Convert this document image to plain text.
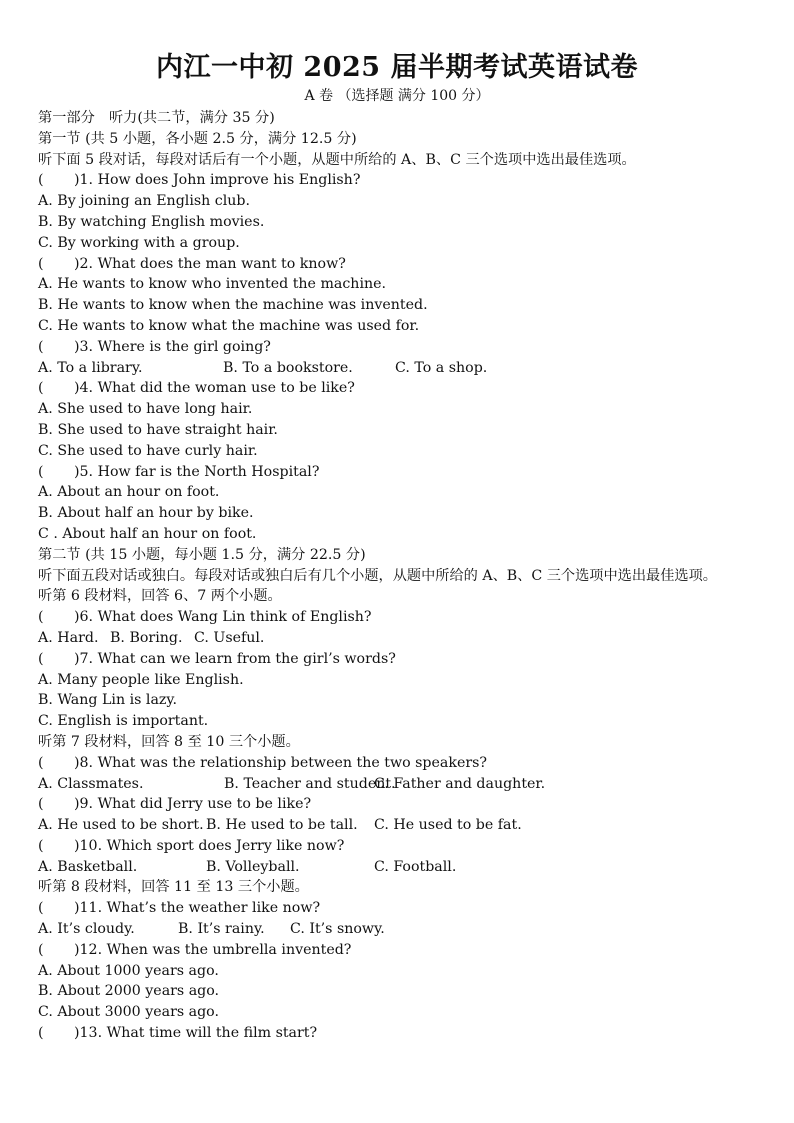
内江一中初 2025 届半期考试英语试卷

A 卷 （选择题 满分 100 分）

第一部分　听力(共二节，满分 35 分)

第一节 (共 5 小题，各小题 2.5 分，满分 12.5 分)

听下面 5 段对话，每段对话后有一个小题，从题中所给的 A、B、C 三个选项中选出最佳选项。

( )1. How does John improve his English?

A. By joining an English club.

B. By watching English movies.

C. By working with a group.

( )2. What does the man want to know?

A. He wants to know who invented the machine.

B. He wants to know when the machine was invented.

C. He wants to know what the machine was used for.

( )3. Where is the girl going?

A. To a library.	B. To a bookstore.	C. To a shop.

( )4. What did the woman use to be like?

A. She used to have long hair.

B. She used to have straight hair.

C. She used to have curly hair.

( )5. How far is the North Hospital?

A. About an hour on foot.

B. About half an hour by bike.

C . About half an hour on foot.

第二节 (共 15 小题，每小题 1.5 分，满分 22.5 分)

听下面五段对话或独白。每段对话或独白后有几个小题，从题中所给的 A、B、C 三个选项中选出最佳选项。

听第 6 段材料，回答 6、7 两个小题。

( )6. What does Wang Lin think of English?

A. Hard. B. Boring. C. Useful.

( )7. What can we learn from the girl’s words?

A. Many people like English.

B. Wang Lin is lazy.

C. English is important.

听第 7 段材料，回答 8 至 10 三个小题。

( )8. What was the relationship between the two speakers?

A. Classmates.	B. Teacher and student.C. Father and daughter.

( )9. What did Jerry use to be like?

A. He used to be short. B. He used to be tall. C. He used to be fat.

( )10. Which sport does Jerry like now?

A. Basketball.	B. Volleyball.	C. Football.

听第 8 段材料，回答 11 至 13 三个小题。

( )11. What’s the weather like now?

A. It’s cloudy.	B. It’s rainy. C. It’s snowy.

( )12. When was the umbrella invented?

A. About 1000 years ago.

B. About 2000 years ago.

C. About 3000 years ago.

( )13. What time will the film start?
